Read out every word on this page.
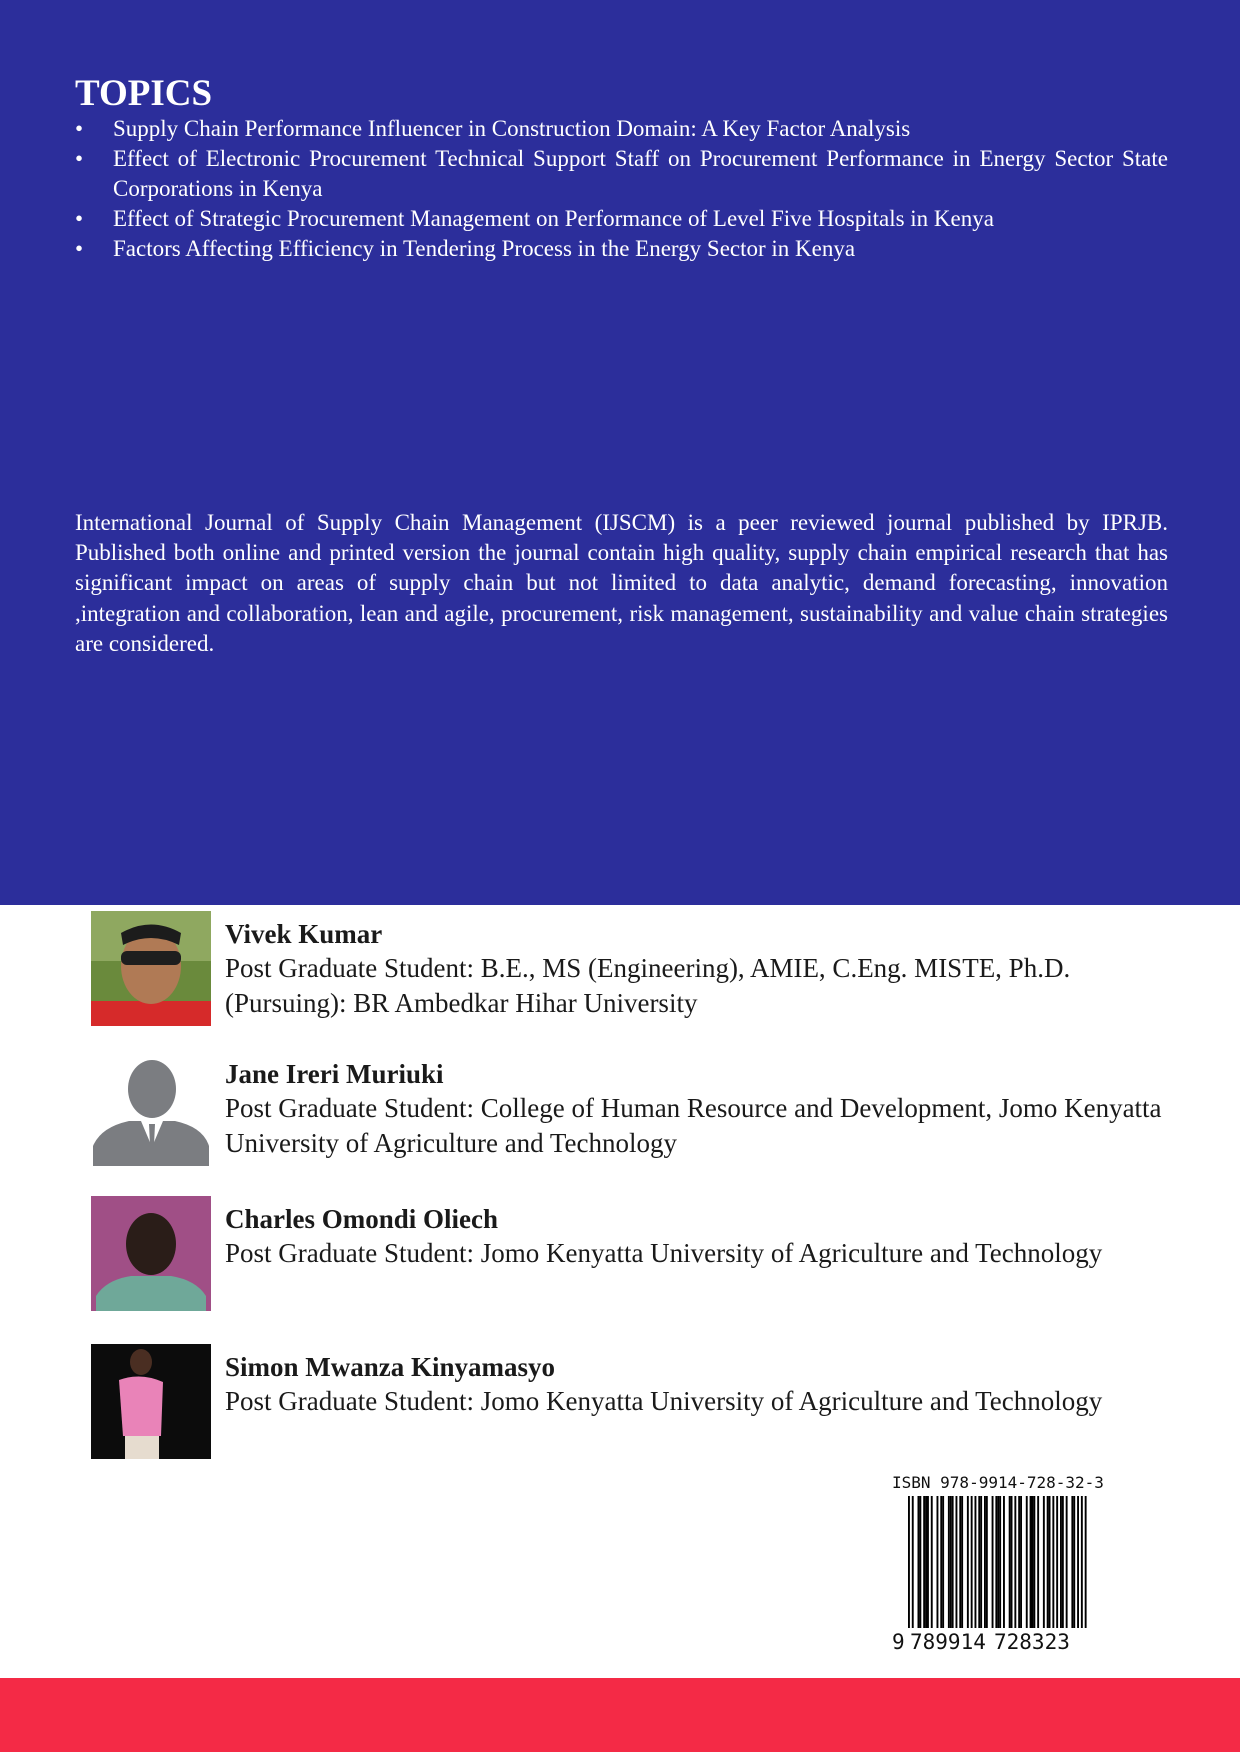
TOPICS
• Supply Chain Performance Influencer in Construction Domain: A Key Factor Analysis
• Effect of Electronic Procurement Technical Support Staff on Procurement Performance in Energy Sector State Corporations in Kenya
• Effect of Strategic Procurement Management on Performance of Level Five Hospitals in Kenya
• Factors Affecting Efficiency in Tendering Process in the Energy Sector in Kenya

International Journal of Supply Chain Management (IJSCM) is a peer reviewed journal published by IPRJB. Published both online and printed version the journal contain high quality, supply chain empirical research that has significant impact on areas of supply chain but not limited to data analytic, demand forecasting, innovation ,integration and collaboration, lean and agile, procurement, risk management, sustainability and value chain strategies are considered.

Vivek Kumar
Post Graduate Student: B.E., MS (Engineering), AMIE, C.Eng. MISTE, Ph.D. (Pursuing): BR Ambedkar Hihar University
Jane Ireri Muriuki
Post Graduate Student: College of Human Resource and Development, Jomo Kenyatta University of Agriculture and Technology
Charles Omondi Oliech
Post Graduate Student: Jomo Kenyatta University of Agriculture and Technology
Simon Mwanza Kinyamasyo
Post Graduate Student: Jomo Kenyatta University of Agriculture and Technology
ISBN 978-9914-728-32-3
9 789914 728323
